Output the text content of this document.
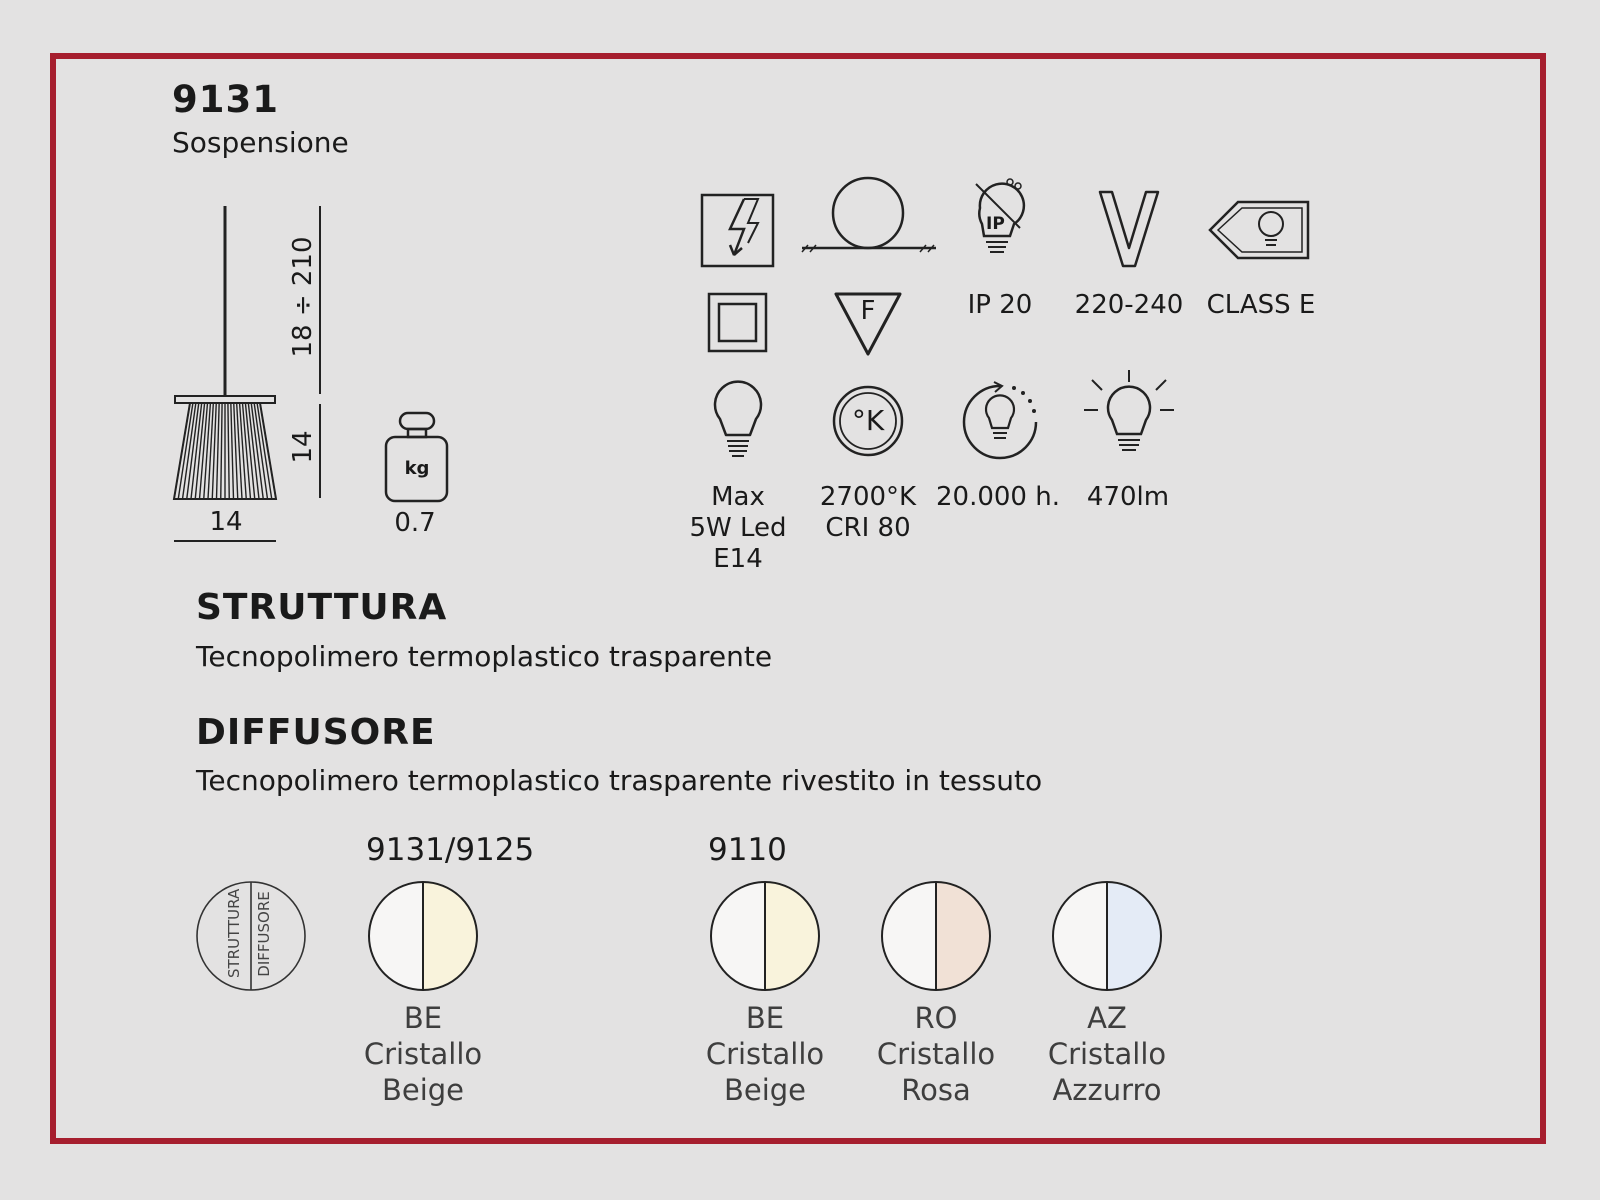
9131
Sospensione
18 ÷ 210
14
14
kg
0.7
IP
F	IP 20	220-240 CLASS E
°K
Max
5W Led
E14
2700°K
CRI 80
20.000 h.	470lm
STRUTTURA
Tecnopolimero termoplastico trasparente
DIFFUSORE
Tecnopolimero termoplastico trasparente rivestito in tessuto
9131/9125	9110
STRUTTURA DIFFUSORE
BE
Cristallo
Beige
BE
Cristallo
Beige
RO
Cristallo
Rosa
AZ
Cristallo
Azzurro
